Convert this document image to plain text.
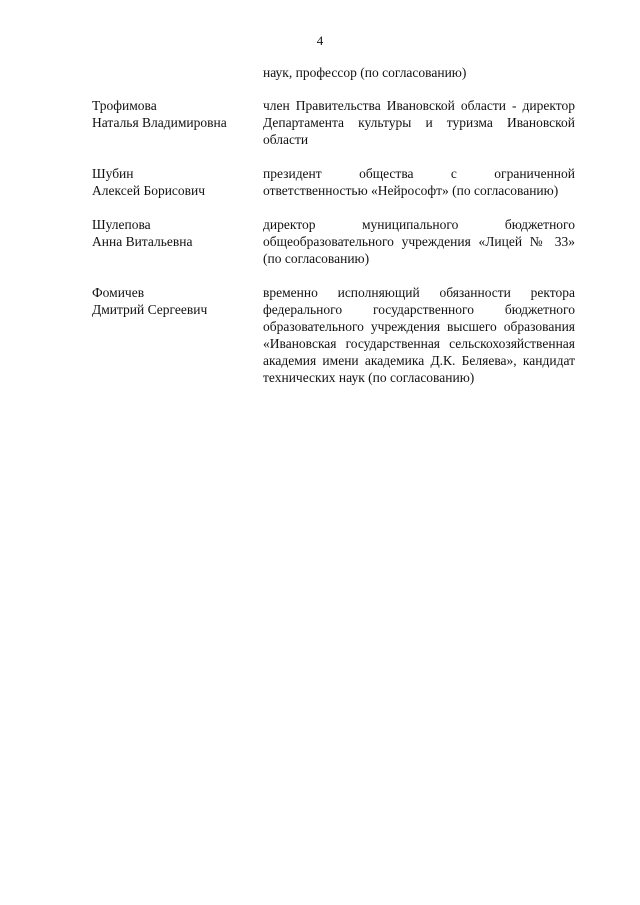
4
наук, профессор (по согласованию)
Трофимова
Наталья Владимировна
член Правительства Ивановской области - директор Департамента культуры и туризма Ивановской области
Шубин
Алексей Борисович
президент общества с ограниченной ответственностью «Нейрософт» (по согласованию)
Шулепова
Анна Витальевна
директор муниципального бюджетного общеобразовательного учреждения «Лицей № 33» (по согласованию)
Фомичев
Дмитрий Сергеевич
временно исполняющий обязанности ректора федерального государственного бюджетного образовательного учреждения высшего образования «Ивановская государственная сельскохозяйственная академия имени академика Д.К. Беляева», кандидат технических наук (по согласованию)
